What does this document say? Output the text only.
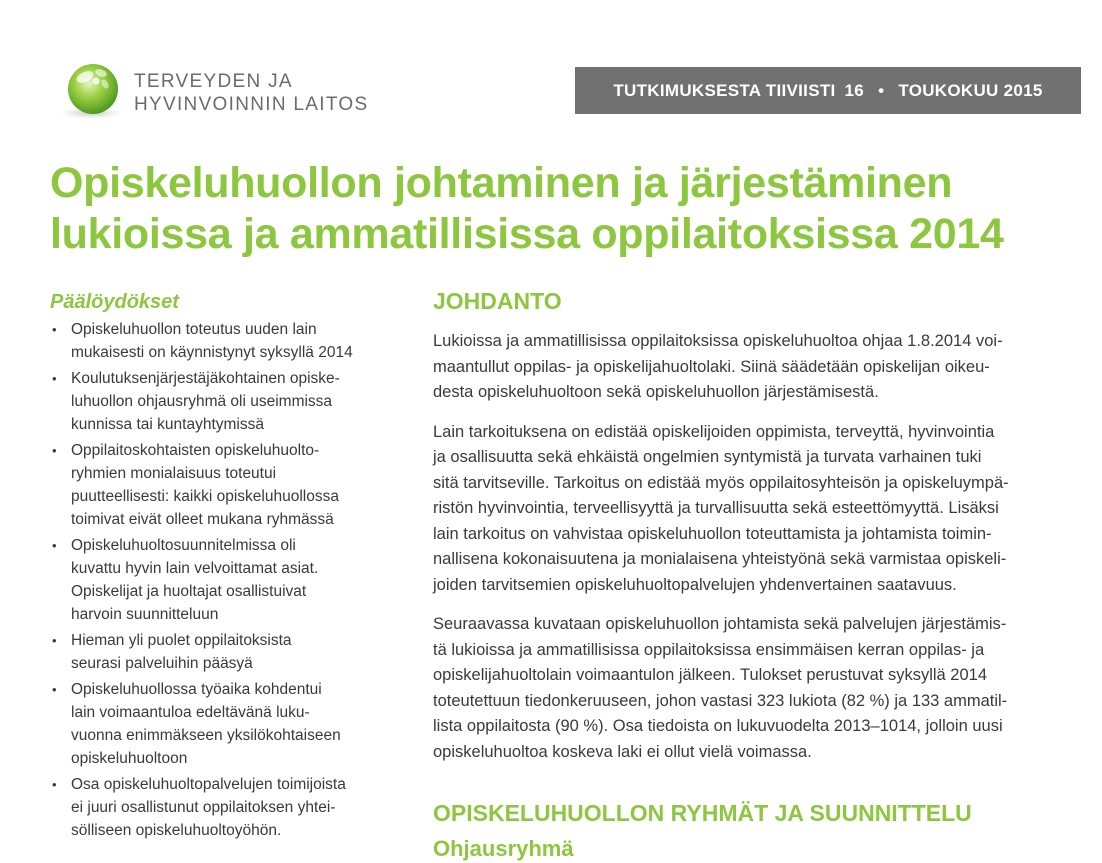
TERVEYDEN JA
HYVINVOINNIN LAITOS
TUTKIMUKSESTA TIIVIISTI 16 • TOUKOKUU 2015
Opiskeluhuollon johtaminen ja järjestäminen
lukioissa ja ammatillisissa oppilaitoksissa 2014
Päälöydökset
• Opiskeluhuollon toteutus uuden lain
mukaisesti on käynnistynyt syksyllä 2014
• Koulutuksenjärjestäjäkohtainen opiske-
luhuollon ohjausryhmä oli useimmissa
kunnissa tai kuntayhtymissä
• Oppilaitoskohtaisten opiskeluhuolto-
ryhmien monialaisuus toteutui
puutteellisesti: kaikki opiskeluhuollossa
toimivat eivät olleet mukana ryhmässä
• Opiskeluhuoltosuunnitelmissa oli
kuvattu hyvin lain velvoittamat asiat.
Opiskelijat ja huoltajat osallistuivat
harvoin suunnitteluun
• Hieman yli puolet oppilaitoksista
seurasi palveluihin pääsyä
• Opiskeluhuollossa työaika kohdentui
lain voimaantuloa edeltävänä luku-
vuonna enimmäkseen yksilökohtaiseen
opiskeluhuoltoon
• Osa opiskeluhuoltopalvelujen toimijoista
ei juuri osallistunut oppilaitoksen yhtei-
sölliseen opiskeluhuoltoyöhön.
JOHDANTO

Lukioissa ja ammatillisissa oppilaitoksissa opiskeluhuoltoa ohjaa 1.8.2014 voi-
maantullut oppilas- ja opiskelijahuoltolaki. Siinä säädetään opiskelijan oikeu-
desta opiskeluhuoltoon sekä opiskeluhuollon järjestämisestä.

Lain tarkoituksena on edistää opiskelijoiden oppimista, terveyttä, hyvinvointia
ja osallisuutta sekä ehkäistä ongelmien syntymistä ja turvata varhainen tuki
sitä tarvitseville. Tarkoitus on edistää myös oppilaitosyhteisön ja opiskeluympä-
ristön hyvinvointia, terveellisyyttä ja turvallisuutta sekä esteettömyyttä. Lisäksi
lain tarkoitus on vahvistaa opiskeluhuollon toteuttamista ja johtamista toimin-
nallisena kokonaisuutena ja monialaisena yhteistyönä sekä varmistaa opiskeli-
joiden tarvitsemien opiskeluhuoltopalvelujen yhdenvertainen saatavuus.

Seuraavassa kuvataan opiskeluhuollon johtamista sekä palvelujen järjestämis-
tä lukioissa ja ammatillisissa oppilaitoksissa ensimmäisen kerran oppilas- ja
opiskelijahuoltolain voimaantulon jälkeen. Tulokset perustuvat syksyllä 2014
toteutettuun tiedonkeruuseen, johon vastasi 323 lukiota (82 %) ja 133 ammatil-
lista oppilaitosta (90 %). Osa tiedoista on lukuvuodelta 2013–1014, jolloin uusi
opiskeluhuoltoa koskeva laki ei ollut vielä voimassa.

OPISKELUHUOLLON RYHMÄT JA SUUNNITTELU
Ohjausryhmä
